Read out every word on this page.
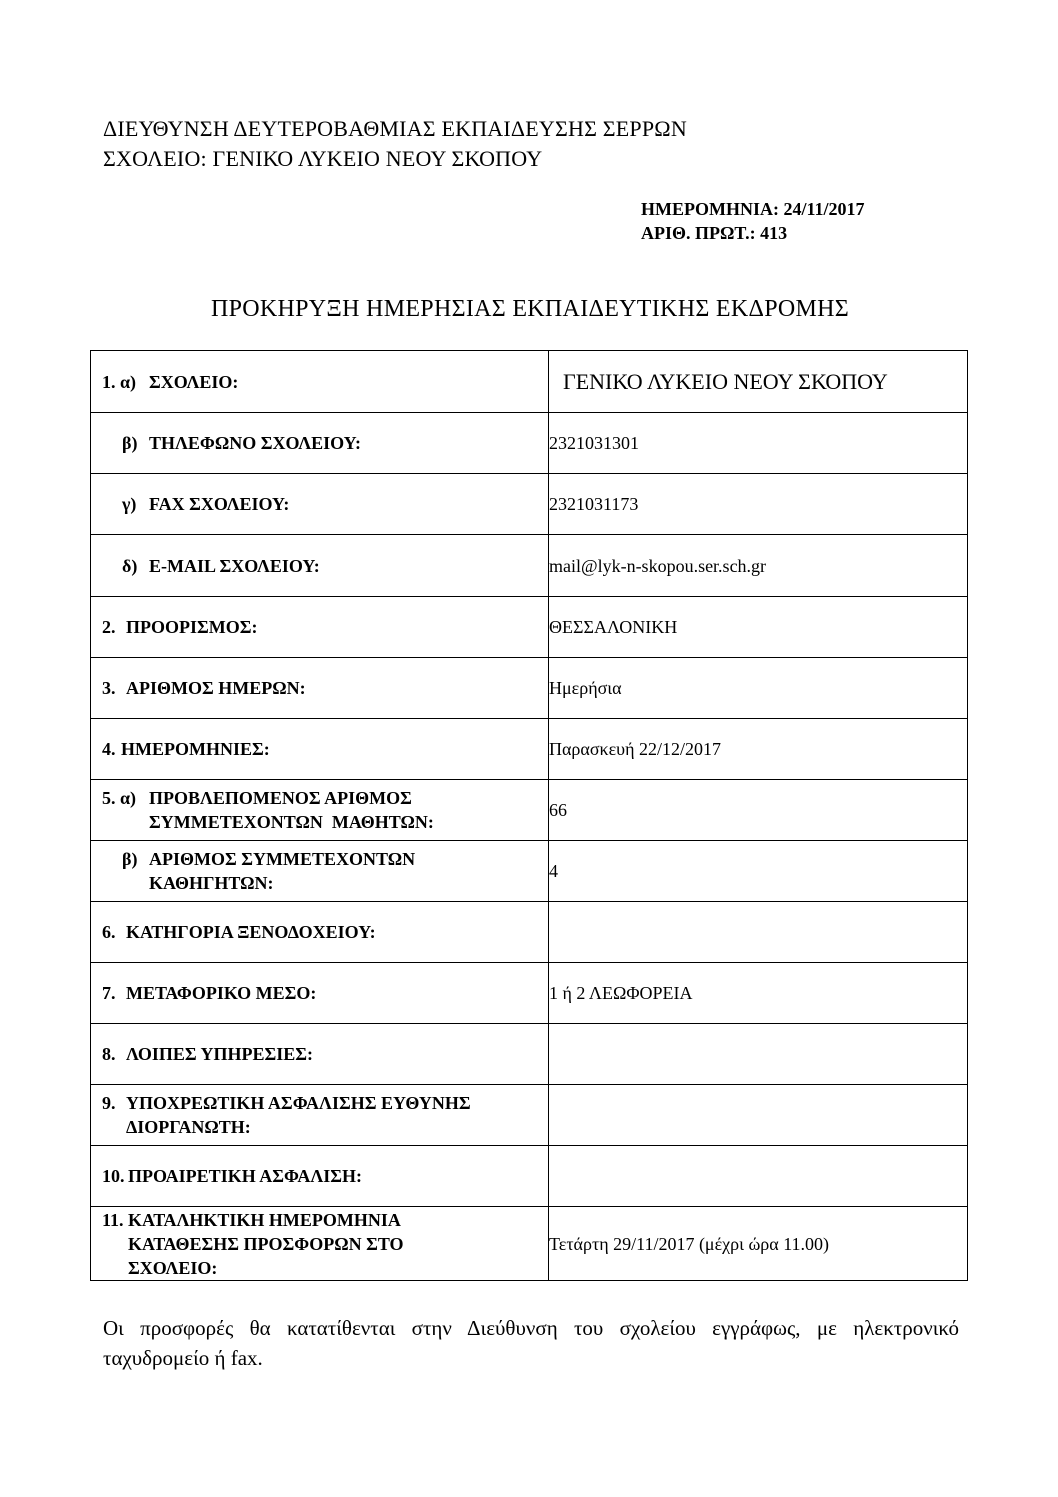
ΔΙΕΥΘΥΝΣΗ ΔΕΥΤΕΡΟΒΑΘΜΙΑΣ ΕΚΠΑΙΔΕΥΣΗΣ ΣΕΡΡΩΝ
ΣΧΟΛΕΙΟ: ΓΕΝΙΚΟ ΛΥΚΕΙΟ ΝΕΟΥ ΣΚΟΠΟΥ
ΗΜΕΡΟΜΗΝΙΑ: 24/11/2017
ΑΡΙΘ. ΠΡΩΤ.: 413
ΠΡΟΚΗΡΥΞΗ ΗΜΕΡΗΣΙΑΣ ΕΚΠΑΙΔΕΥΤΙΚΗΣ ΕΚΔΡΟΜΗΣ
1. α) ΣΧΟΛΕΙΟ:	ΓΕΝΙΚΟ ΛΥΚΕΙΟ ΝΕΟΥ ΣΚΟΠΟΥ

β) ΤΗΛΕΦΩΝΟ ΣΧΟΛΕΙΟΥ:	2321031301

γ) FAX ΣΧΟΛΕΙΟΥ:	2321031173

δ) E-MAIL ΣΧΟΛΕΙΟΥ:	mail@lyk-n-skopou.ser.sch.gr

2. ΠΡΟΟΡΙΣΜΟΣ:	ΘΕΣΣΑΛΟΝΙΚΗ

3. ΑΡΙΘΜΟΣ ΗΜΕΡΩΝ:	Ημερήσια

4. ΗΜΕΡΟΜΗΝΙΕΣ:	Παρασκευή 22/12/2017

5. α) ΠΡΟΒΛΕΠΟΜΕΝΟΣ ΑΡΙΘΜΟΣ
ΣΥΜΜΕΤΕΧΟΝΤΩΝ  ΜΑΘΗΤΩΝ:	66

β) ΑΡΙΘΜΟΣ ΣΥΜΜΕΤΕΧΟΝΤΩΝ
ΚΑΘΗΓΗΤΩΝ:	4

6. ΚΑΤΗΓΟΡΙΑ ΞΕΝΟΔΟΧΕΙΟΥ:	

7. ΜΕΤΑΦΟΡΙΚΟ ΜΕΣΟ:	1 ή 2 ΛΕΩΦΟΡΕΙΑ

8. ΛΟΙΠΕΣ ΥΠΗΡΕΣΙΕΣ:	

9. ΥΠΟΧΡΕΩΤΙΚΗ ΑΣΦΑΛΙΣΗΣ ΕΥΘΥΝΗΣ
ΔΙΟΡΓΑΝΩΤΗ:	

10. ΠΡΟΑΙΡΕΤΙΚΗ ΑΣΦΑΛΙΣΗ:	

11. ΚΑΤΑΛΗΚΤΙΚΗ ΗΜΕΡΟΜΗΝΙΑ
ΚΑΤΑΘΕΣΗΣ ΠΡΟΣΦΟΡΩΝ ΣΤΟ
ΣΧΟΛΕΙΟ:	Τετάρτη 29/11/2017 (μέχρι ώρα 11.00)
Οι προσφορές θα κατατίθενται στην Διεύθυνση του σχολείου εγγράφως, με ηλεκτρονικό ταχυδρομείο ή fax.
